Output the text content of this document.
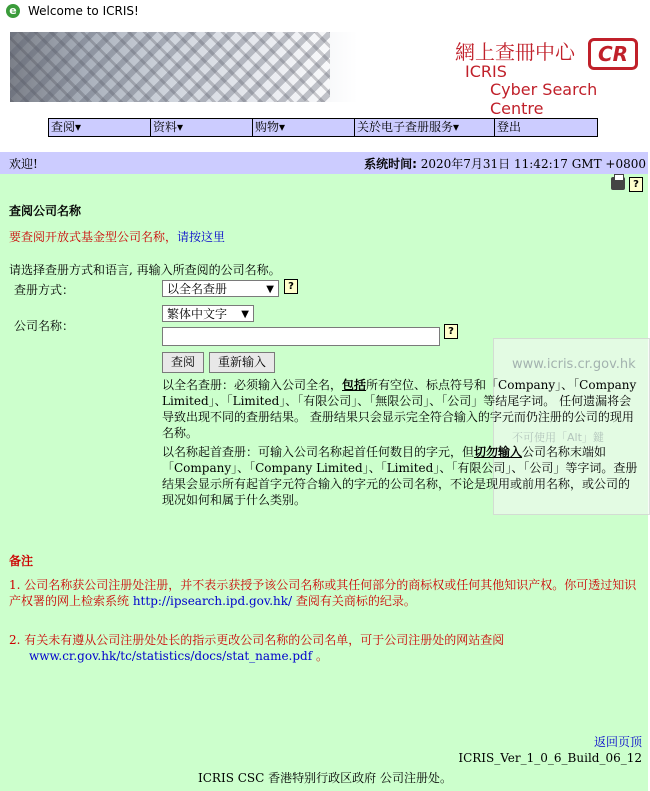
e Welcome to ICRIS!
網上查冊中心	CR
ICRIS
Cyber Search Centre
查阅▾	资料▾	购物▾	关於电子查册服务▾	登出
欢迎!	系统时间: 2020年7月31日 11:42:17 GMT +0800
?
查阅公司名称
要查阅开放式基金型公司名称，请按这里
请选择查册方式和语言, 再输入所查阅的公司名称。
查册方式：	以全名查册	▼	?
公司名称：
繁体中文字 ▼
?
查阅	重新输入	www.icris.cr.gov.hk
不可使用「Alt」鍵
以全名查册：必须输入公司全名，包括所有空位、标点符号和「Company」、「Company Limited」、「Limited」、「有限公司」、「無限公司」、「公司」等结尾字词。 任何遗漏将会导致出现不同的查册结果。 查册结果只会显示完全符合输入的字元而仍注册的公司的现用名称。
以名称起首查册：可输入公司名称起首任何数目的字元，但切勿输入公司名称末端如「Company」、「Company Limited」、「Limited」、「有限公司」、「公司」等字词。查册结果会显示所有起首字元符合输入的字元的公司名称，不论是现用或前用名称，或公司的现况如何和属于什么类别。
备注
1. 公司名称获公司注册处注册，并不表示获授予该公司名称或其任何部分的商标权或任何其他知识产权。你可透过知识产权署的网上检索系统 http://ipsearch.ipd.gov.hk/ 查阅有关商标的纪录。
2. 有关未有遵从公司注册处处长的指示更改公司名称的公司名单，可于公司注册处的网站查阅
www.cr.gov.hk/tc/statistics/docs/stat_name.pdf 。
返回页顶
ICRIS_Ver_1_0_6_Build_06_12
ICRIS CSC 香港特别行政区政府 公司注册处。
